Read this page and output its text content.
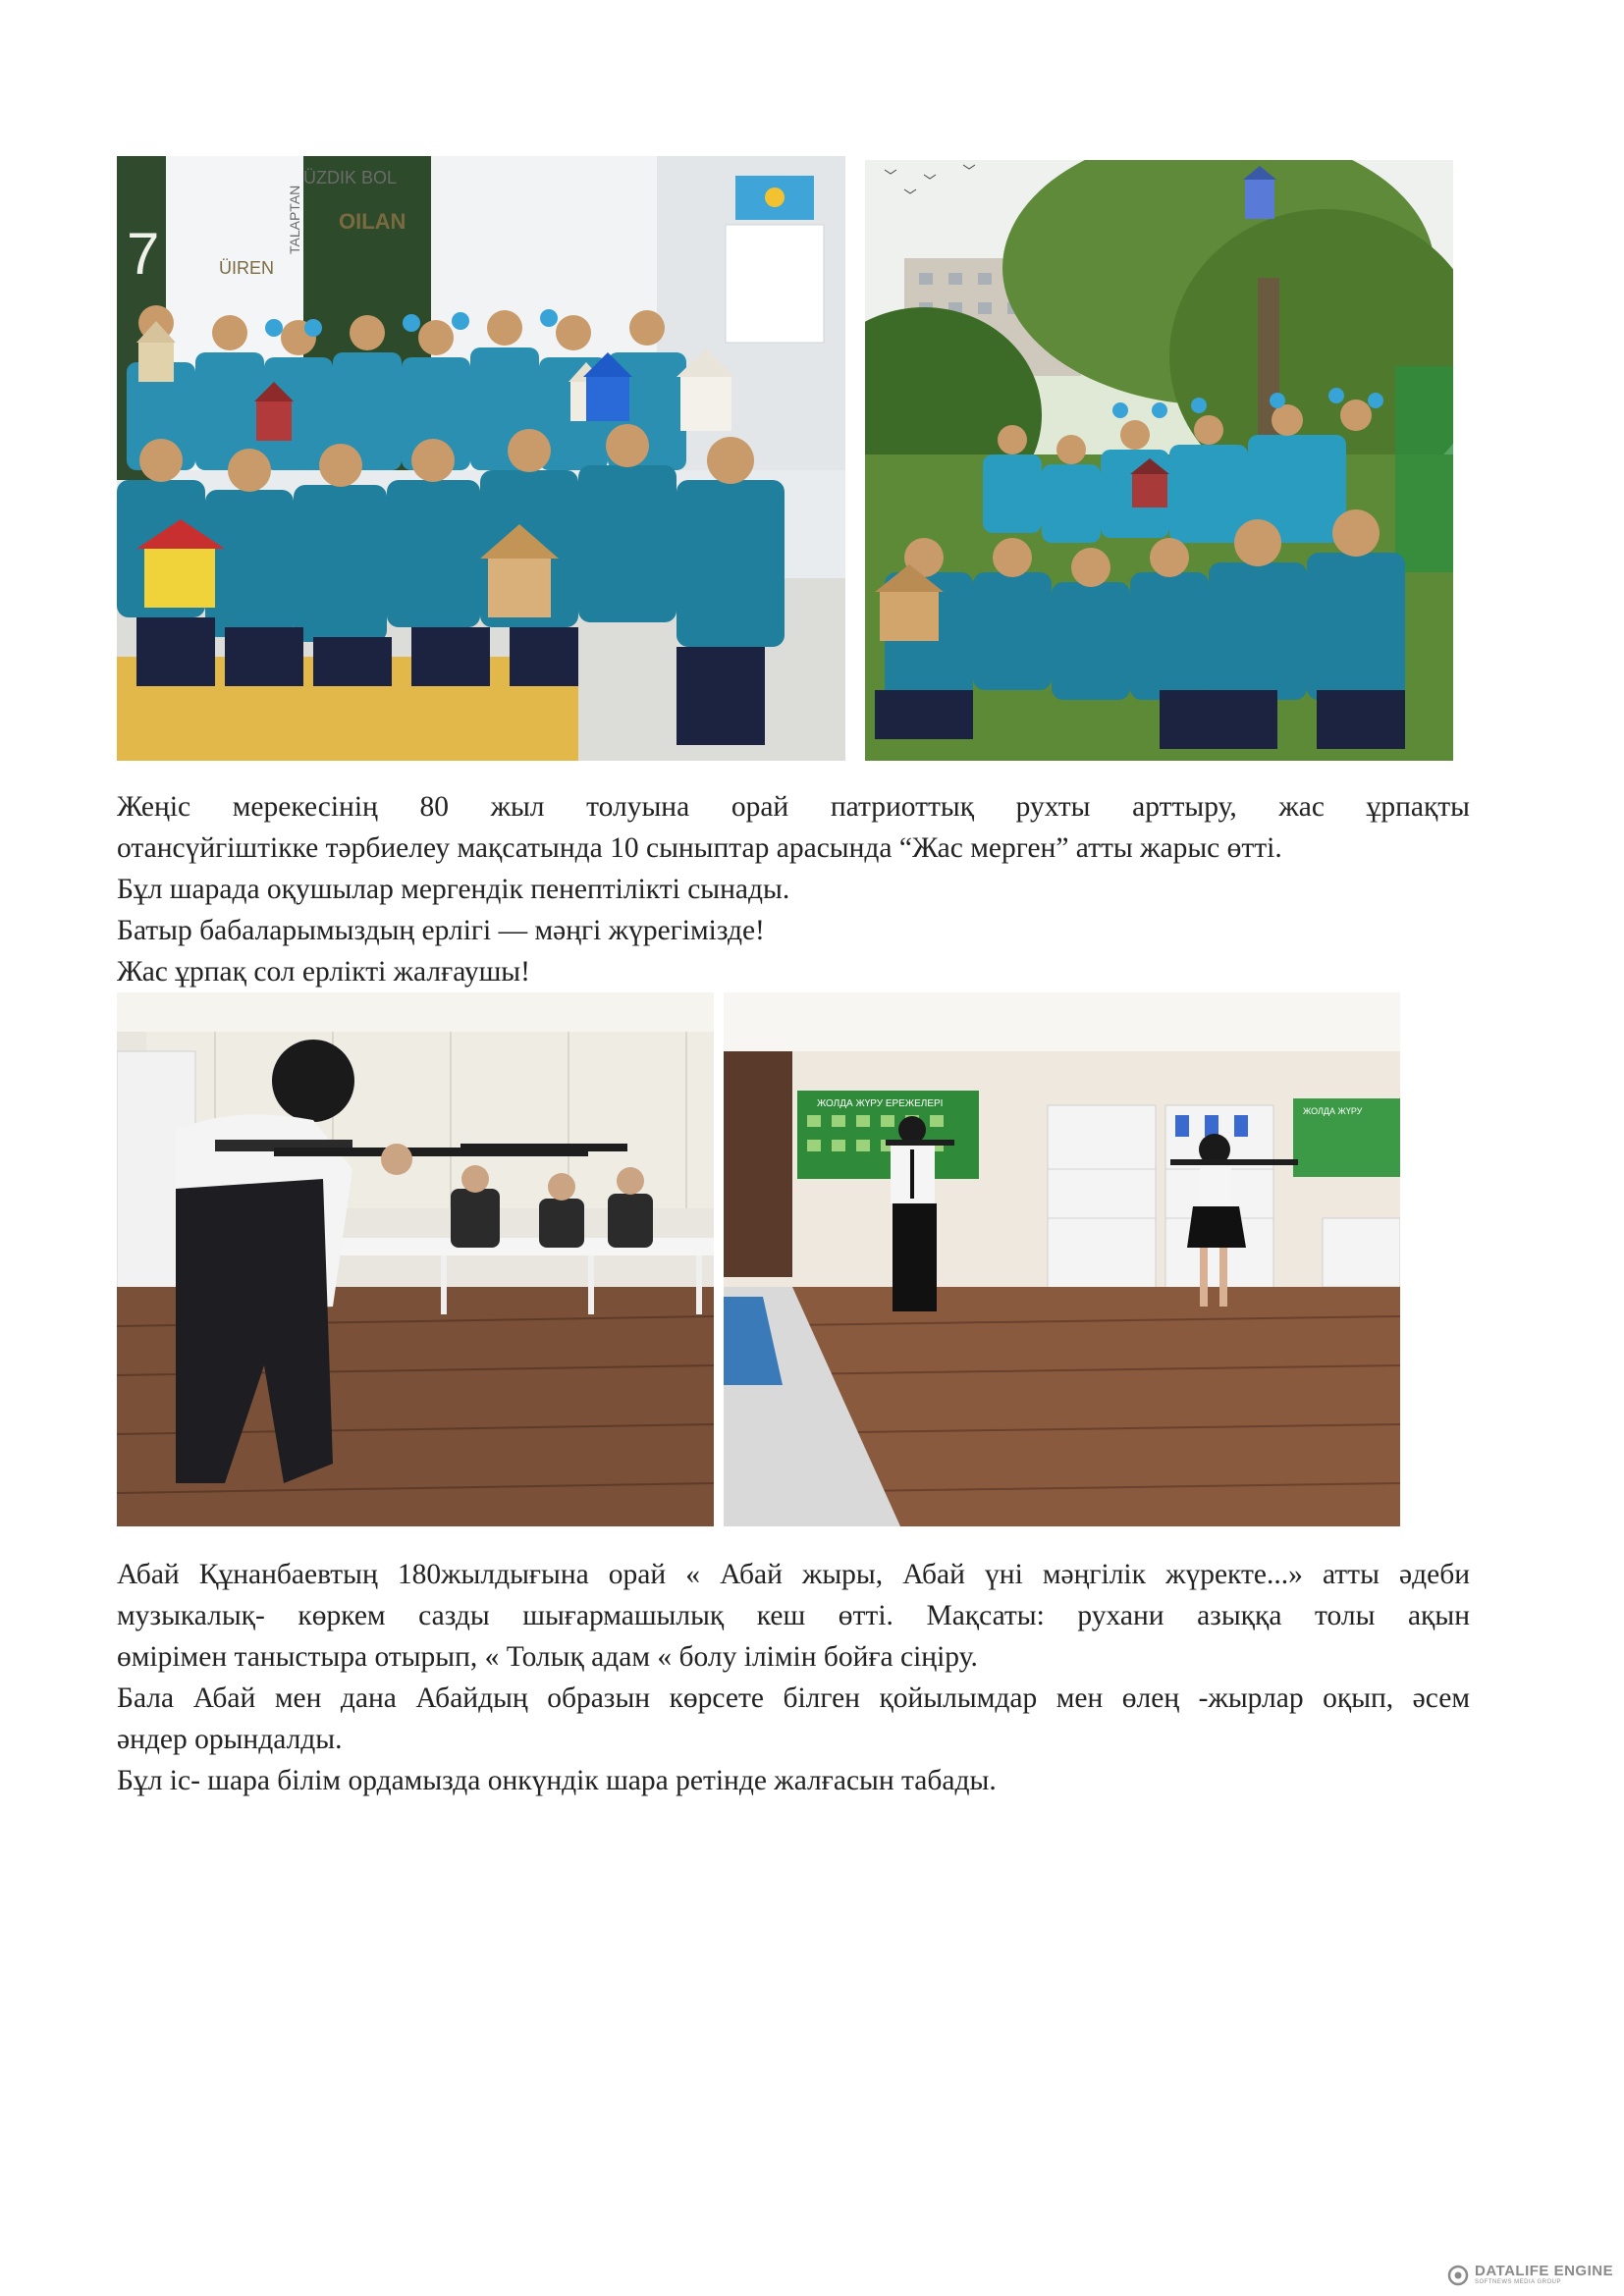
7
ÜZDIK BOL
OILAN
ÜIREN
TALAPTAN

Жеңіс мерекесінің 80 жыл толуына орай патриоттық рухты арттыру, жас ұрпақты

отансүйгіштікке тәрбиелеу мақсатында 10 сыныптар арасында “Жас мерген” атты жарыс өтті.

Бұл шарада оқушылар мергендік пенептілікті сынады.

Батыр бабаларымыздың ерлігі — мәңгі жүрегімізде!

Жас ұрпақ сол ерлікті жалғаушы!

ЖОЛДА ЖҮРУ ЕРЕЖЕЛЕРІ
ЖОЛДА ЖҮРУ

Абай Құнанбаевтың 180жылдығына орай « Абай жыры, Абай үні мәңгілік жүректе...» атты әдеби

музыкалық- көркем сазды шығармашылық кеш өтті. Мақсаты: рухани азыққа толы ақын

өмірімен таныстыра отырып, « Толық адам « болу ілімін бойға сіңіру.

Бала Абай мен дана Абайдың образын көрсете білген қойылымдар мен өлең -жырлар оқып, әсем

әндер орындалды.

Бұл іс- шара білім ордамызда онкүндік шара ретінде жалғасын табады.

DATALIFE ENGINE
SOFTNEWS MEDIA GROUP
